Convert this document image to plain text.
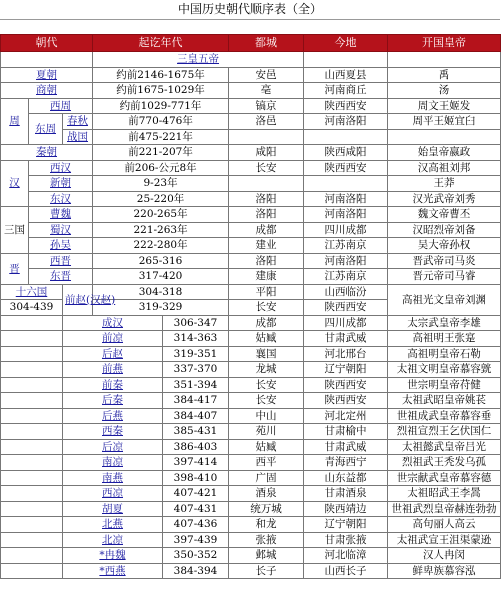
中国历史朝代顺序表（全）
朝代			起讫年代	都城	今地	开国皇帝
			三皇五帝			
夏朝			约前2146-1675年	安邑	山西夏县	禹
商朝			约前1675-1029年	亳	河南商丘	汤
周	西周		约前1029-771年	镐京	陕西西安	周文王姬发
	东周	春秋	前770-476年	洛邑	河南洛阳	周平王姬宜臼
		战国	前475-221年			
秦朝			前221-207年	咸阳	陕西咸阳	始皇帝嬴政
汉	西汉		前206-公元8年	长安	陕西西安	汉高祖刘邦
	新朝		9-23年			王莽
	东汉		25-220年	洛阳	河南洛阳	汉光武帝刘秀
三国	曹魏		220-265年	洛阳	河南洛阳	魏文帝曹丕
	蜀汉		221-263年	成都	四川成都	汉昭烈帝刘备
	孙吴		222-280年	建业	江苏南京	吴大帝孙权
晋	西晋		265-316	洛阳	河南洛阳	晋武帝司马炎
	东晋		317-420	建康	江苏南京	晋元帝司马睿
十六国		前赵(汉赵)	304-318	平阳	山西临汾	高祖光文皇帝刘渊
304-439			319-329	长安	陕西西安	
	成汉	306-347	成都	四川成都	太宗武皇帝李雄
	前凉	314-363	姑臧	甘肃武威	高祖明王张寔
	后赵	319-351	襄国	河北邢台	高祖明皇帝石勒
	前燕	337-370	龙城	辽宁朝阳	太祖文明皇帝慕容皝
	前秦	351-394	长安	陕西西安	世宗明皇帝苻健
	后秦	384-417	长安	陕西西安	太祖武昭皇帝姚苌
	后燕	384-407	中山	河北定州	世祖成武皇帝慕容垂
	西秦	385-431	苑川	甘肃榆中	烈祖宣烈王乞伏国仁
	后凉	386-403	姑臧	甘肃武威	太祖懿武皇帝吕光
	南凉	397-414	西平	青海西宁	烈祖武王秃发乌孤
	南燕	398-410	广固	山东益都	世宗献武皇帝慕容德
	西凉	407-421	酒泉	甘肃酒泉	太祖昭武王李暠
	胡夏	407-431	统万城	陕西靖边	世祖武烈皇帝赫连勃勃
	北燕	407-436	和龙	辽宁朝阳	高句丽人高云
	北凉	397-439	张掖	甘肃张掖	太祖武宣王沮渠蒙逊
	*冉魏	350-352	邺城	河北临漳	汉人冉闵
	*西燕	384-394	长子	山西长子	鲜卑族慕容泓
